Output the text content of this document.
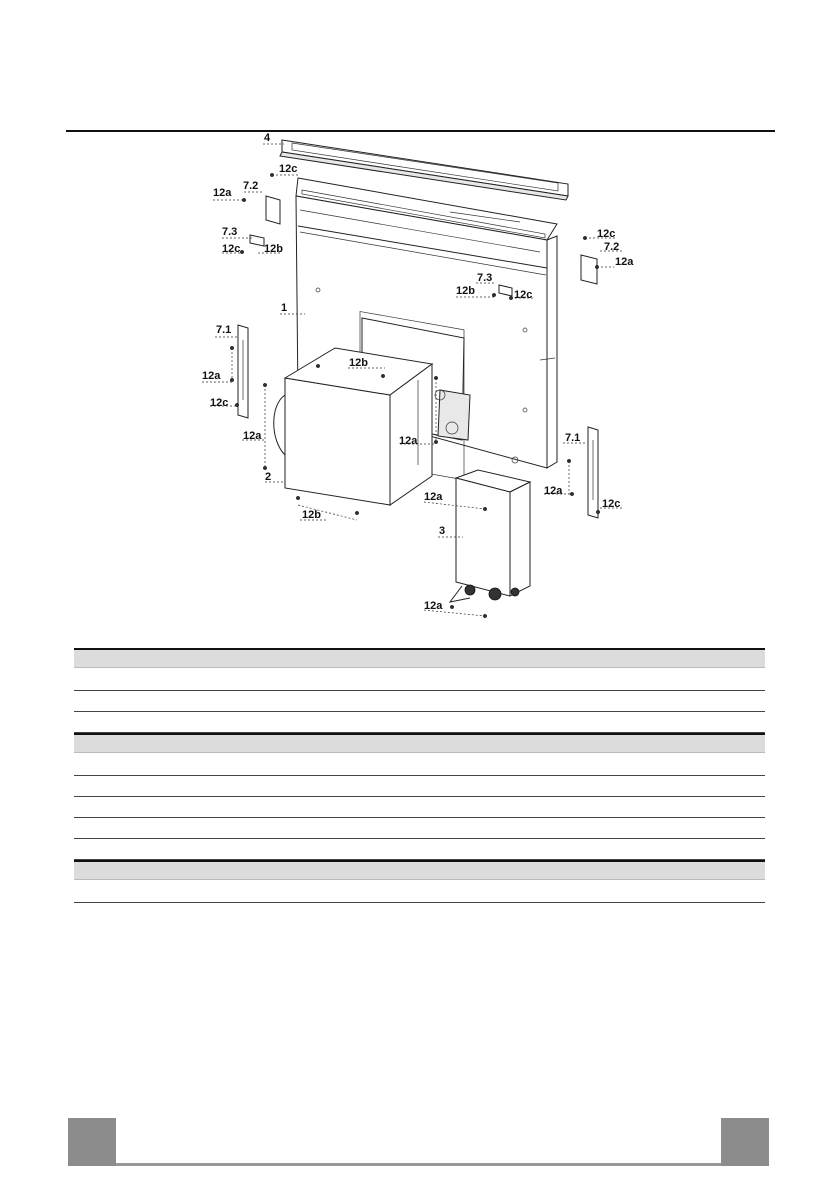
4
12c
7.2
12a
7.3
12c 12b
1
7.1
12a
12c
12b
12a	12a
2
12b
12c
7.2
12a
7.3
12b	12c
7.1
12a
12c
12a
3
12a
